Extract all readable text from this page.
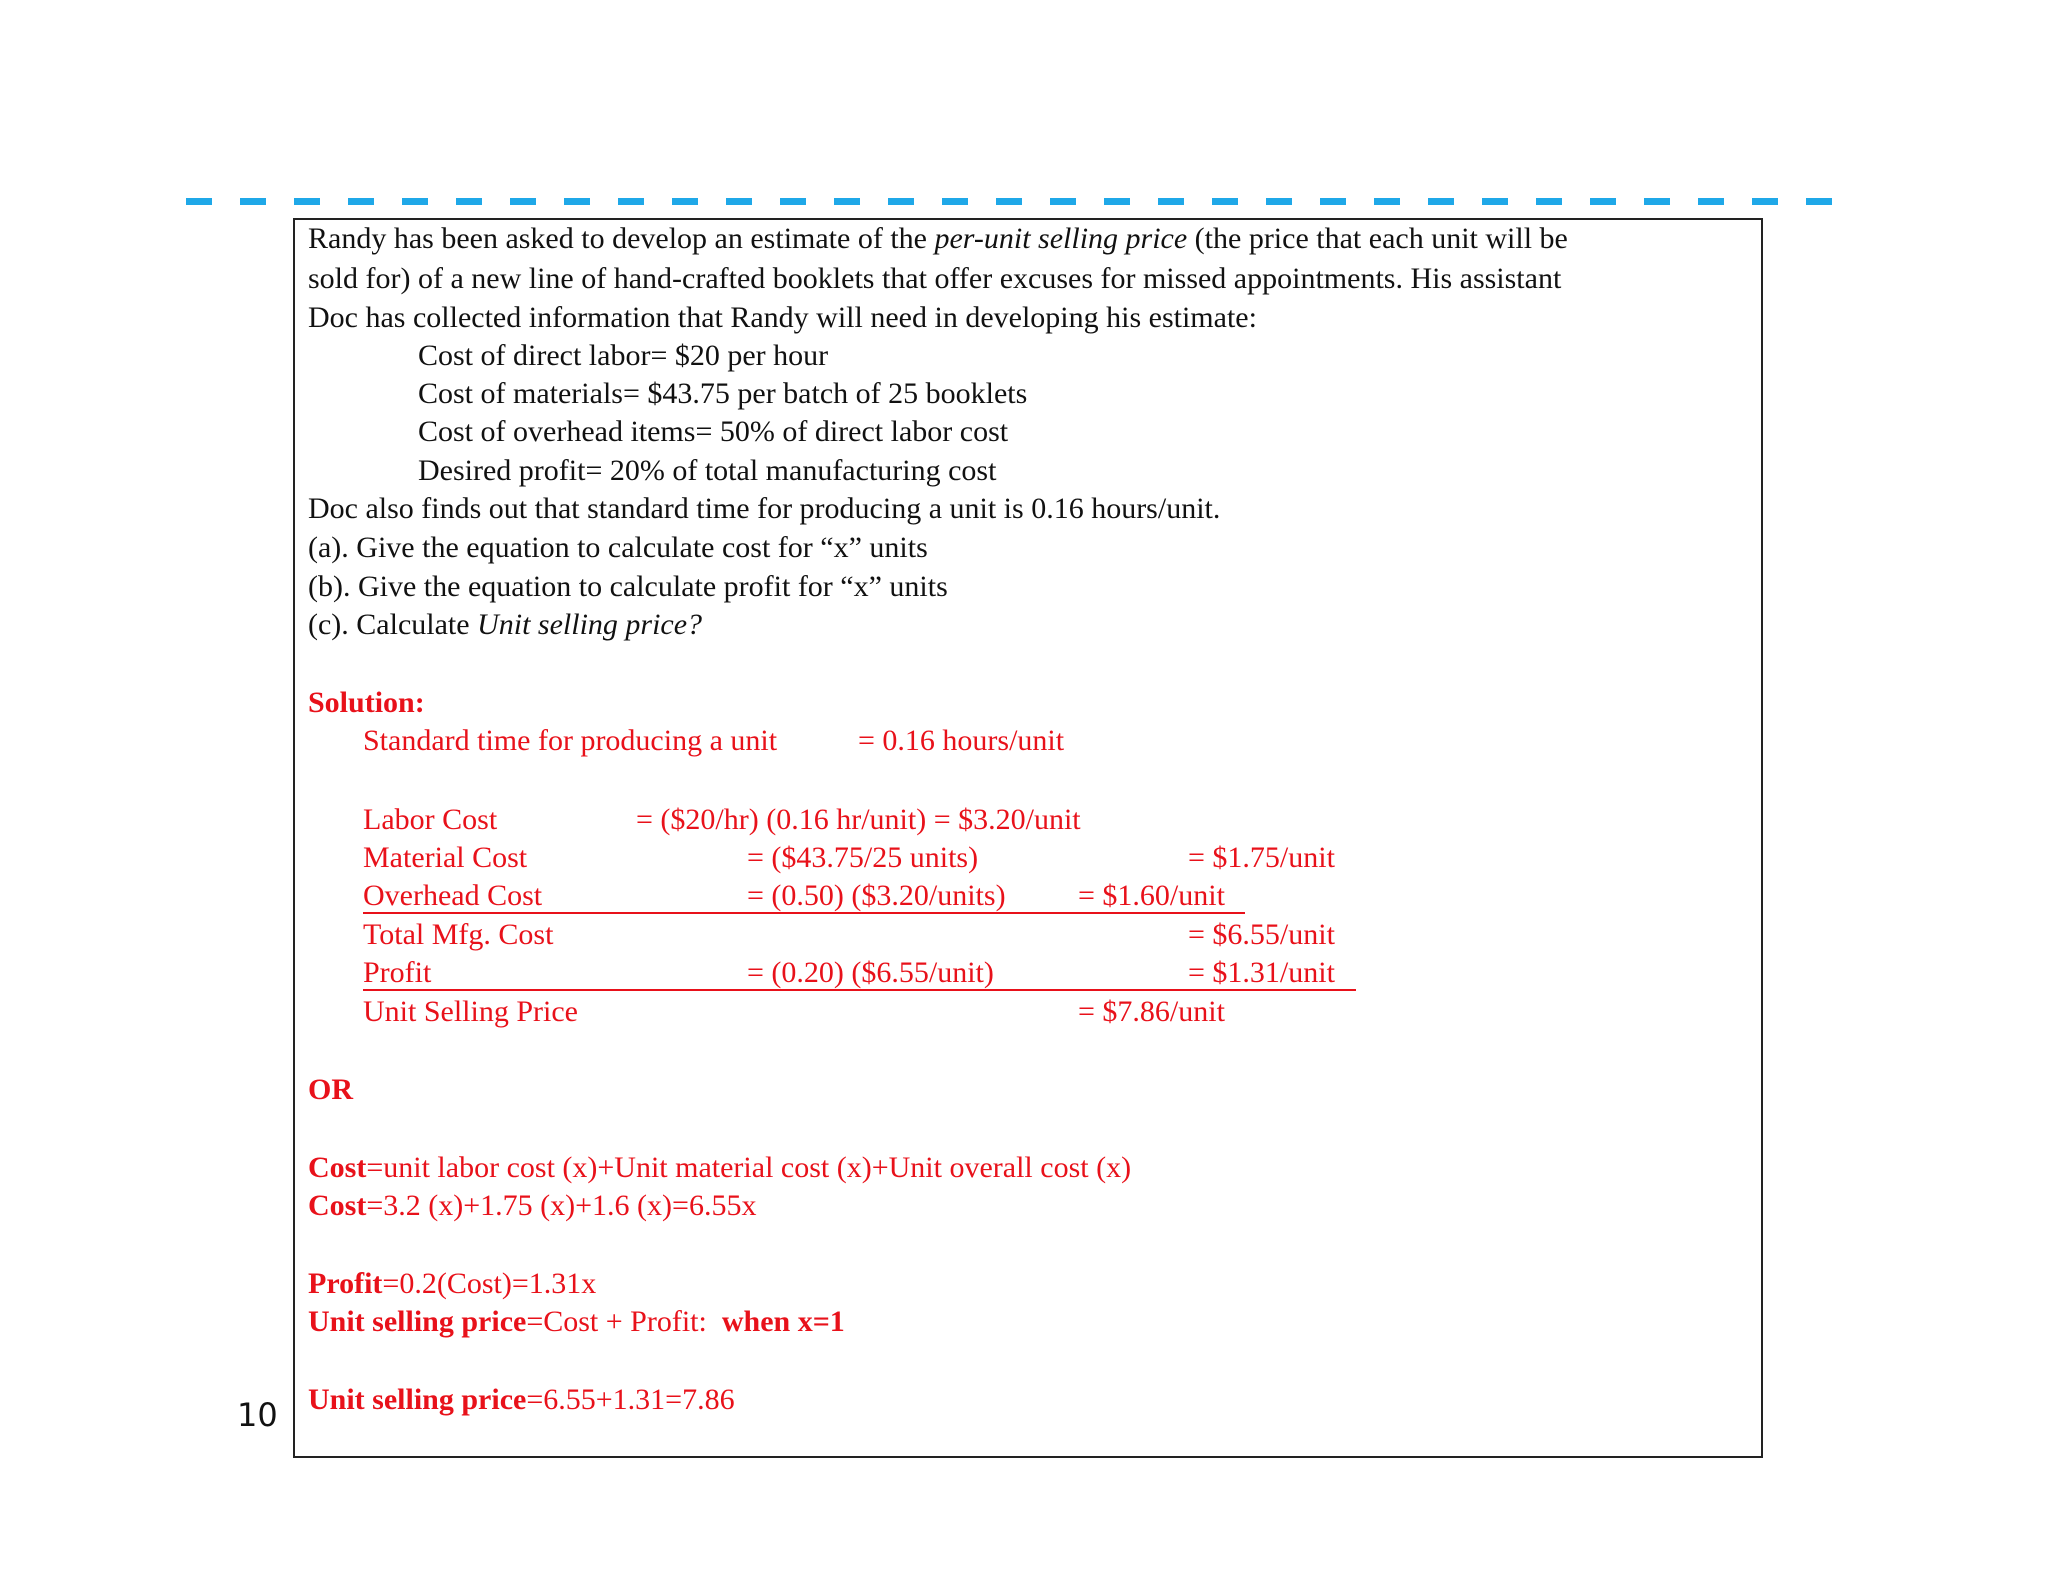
10
Randy has been asked to develop an estimate of the per-unit selling price (the price that each unit will be
sold for) of a new line of hand-crafted booklets that offer excuses for missed appointments. His assistant
Doc has collected information that Randy will need in developing his estimate:
Cost of direct labor= $20 per hour
Cost of materials= $43.75 per batch of 25 booklets
Cost of overhead items= 50% of direct labor cost
Desired profit= 20% of total manufacturing cost
Doc also finds out that standard time for producing a unit is 0.16 hours/unit.
(a). Give the equation to calculate cost for “x” units
(b). Give the equation to calculate profit for “x” units
(c). Calculate Unit selling price?
Solution:
Standard time for producing a unit	= 0.16 hours/unit
Labor Cost	= ($20/hr) (0.16 hr/unit) = $3.20/unit
Material Cost	= ($43.75/25 units)	= $1.75/unit
Overhead Cost	= (0.50) ($3.20/units) = $1.60/unit
Total Mfg. Cost	= $6.55/unit
Profit	= (0.20) ($6.55/unit)	= $1.31/unit
Unit Selling Price	= $7.86/unit
OR
Cost=unit labor cost (x)+Unit material cost (x)+Unit overall cost (x)
Cost=3.2 (x)+1.75 (x)+1.6 (x)=6.55x
Profit=0.2(Cost)=1.31x
Unit selling price=Cost + Profit: when x=1
Unit selling price=6.55+1.31=7.86
